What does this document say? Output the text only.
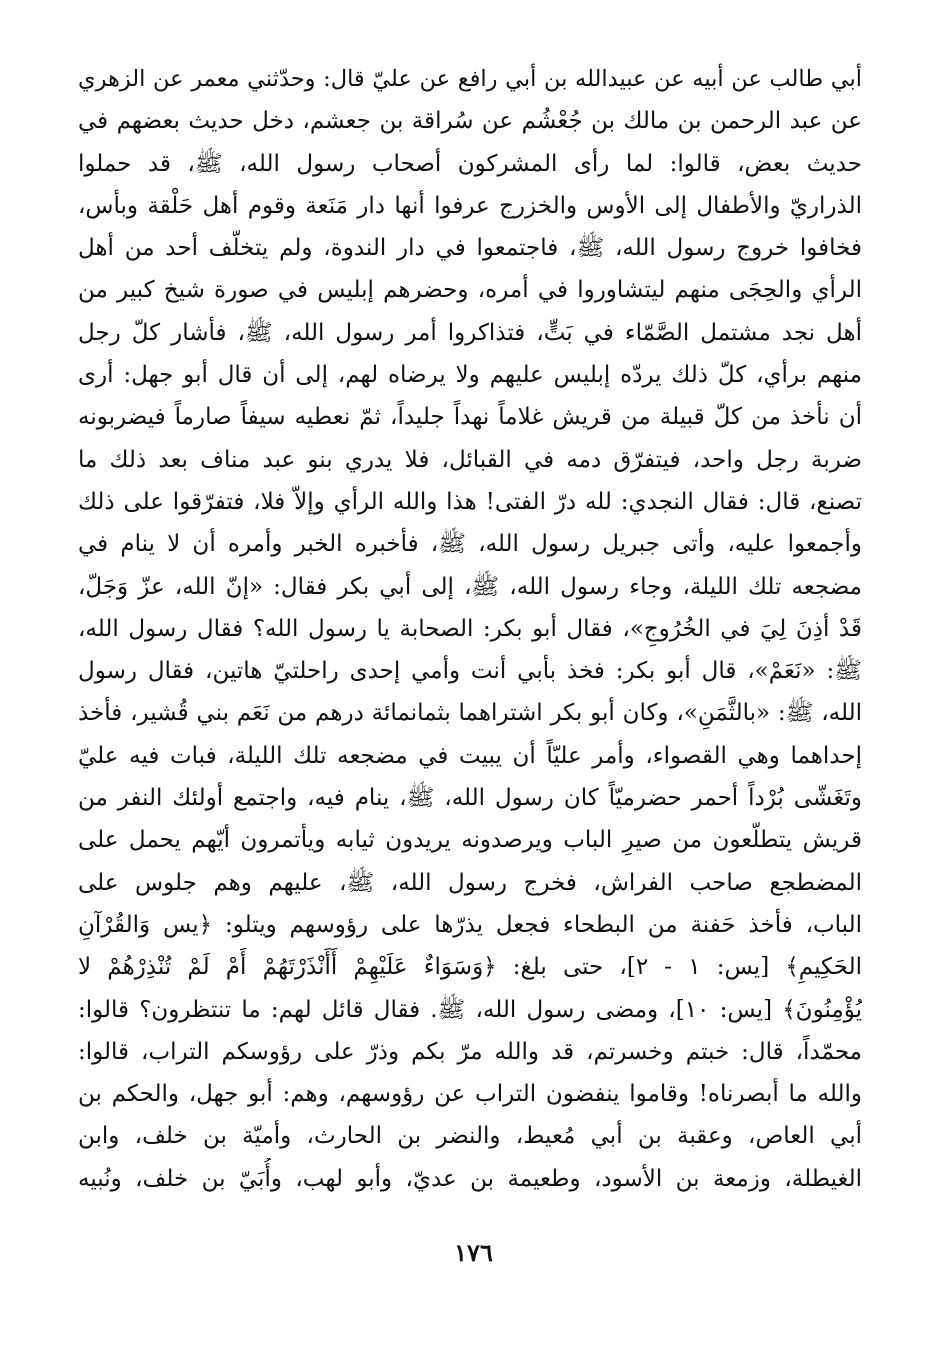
أبي طالب عن أبيه عن عبيدالله بن أبي رافع عن عليّ قال: وحدّثني معمر عن الزهري
عن عبد الرحمن بن مالك بن جُعْشُم عن سُراقة بن جعشم، دخل حديث بعضهم في
حديث بعض، قالوا: لما رأى المشركون أصحاب رسول الله، ﷺ، قد حملوا
الذراريّ والأطفال إلى الأوس والخزرج عرفوا أنها دار مَنَعة وقوم أهل حَلْقة وبأس،
فخافوا خروج رسول الله، ﷺ، فاجتمعوا في دار الندوة، ولم يتخلّف أحد من أهل
الرأي والحِجَى منهم ليتشاوروا في أمره، وحضرهم إبليس في صورة شيخ كبير من
أهل نجد مشتمل الصَّمّاء في بَتٍّ، فتذاكروا أمر رسول الله، ﷺ، فأشار كلّ رجل
منهم برأي، كلّ ذلك يردّه إبليس عليهم ولا يرضاه لهم، إلى أن قال أبو جهل: أرى
أن نأخذ من كلّ قبيلة من قريش غلاماً نهداً جليداً، ثمّ نعطيه سيفاً صارماً فيضربونه
ضربة رجل واحد، فيتفرّق دمه في القبائل، فلا يدري بنو عبد مناف بعد ذلك ما
تصنع، قال: فقال النجدي: لله درّ الفتى! هذا والله الرأي وإلاّ فلا، فتفرّقوا على ذلك
وأجمعوا عليه، وأتى جبريل رسول الله، ﷺ، فأخبره الخبر وأمره أن لا ينام في
مضجعه تلك الليلة، وجاء رسول الله، ﷺ، إلى أبي بكر فقال: «إنّ الله، عزّ وَجَلّ،
قَدْ أذِنَ لِيَ في الخُرُوجِ»، فقال أبو بكر: الصحابة يا رسول الله؟ فقال رسول الله،
ﷺ: «نَعَمْ»، قال أبو بكر: فخذ بأبي أنت وأمي إحدى راحلتيّ هاتين، فقال رسول
الله، ﷺ: «بالثَّمَنِ»، وكان أبو بكر اشتراهما بثمانمائة درهم من نَعَم بني قُشير، فأخذ
إحداهما وهي القصواء، وأمر عليّاً أن يبيت في مضجعه تلك الليلة، فبات فيه عليّ
وتَغَشّى بُرْداً أحمر حضرميّاً كان رسول الله، ﷺ، ينام فيه، واجتمع أولئك النفر من
قريش يتطلّعون من صيرِ الباب ويرصدونه يريدون ثيابه ويأتمرون أيّهم يحمل على
المضطجع صاحب الفراش، فخرج رسول الله، ﷺ، عليهم وهم جلوس على
الباب، فأخذ حَفنة من البطحاء فجعل يذرّها على رؤوسهم ويتلو: ﴿يس وَالقُرْآنِ
الحَكِيمِ﴾ [يس: ١ - ٢]، حتى بلغ: ﴿وَسَوَاءٌ عَلَيْهِمْ أَأَنْذَرْتَهُمْ أَمْ لَمْ تُنْذِرْهُمْ لا
يُؤْمِنُونَ﴾ [يس: ١٠]، ومضى رسول الله، ﷺ. فقال قائل لهم: ما تنتظرون؟ قالوا:
محمّداً، قال: خبتم وخسرتم، قد والله مرّ بكم وذرّ على رؤوسكم التراب، قالوا:
والله ما أبصرناه! وقاموا ينفضون التراب عن رؤوسهم، وهم: أبو جهل، والحكم بن
أبي العاص، وعقبة بن أبي مُعيط، والنضر بن الحارث، وأميّة بن خلف، وابن
الغيطلة، وزمعة بن الأسود، وطعيمة بن عديّ، وأبو لهب، وأُبَيّ بن خلف، ونُبيه
١٧٦
